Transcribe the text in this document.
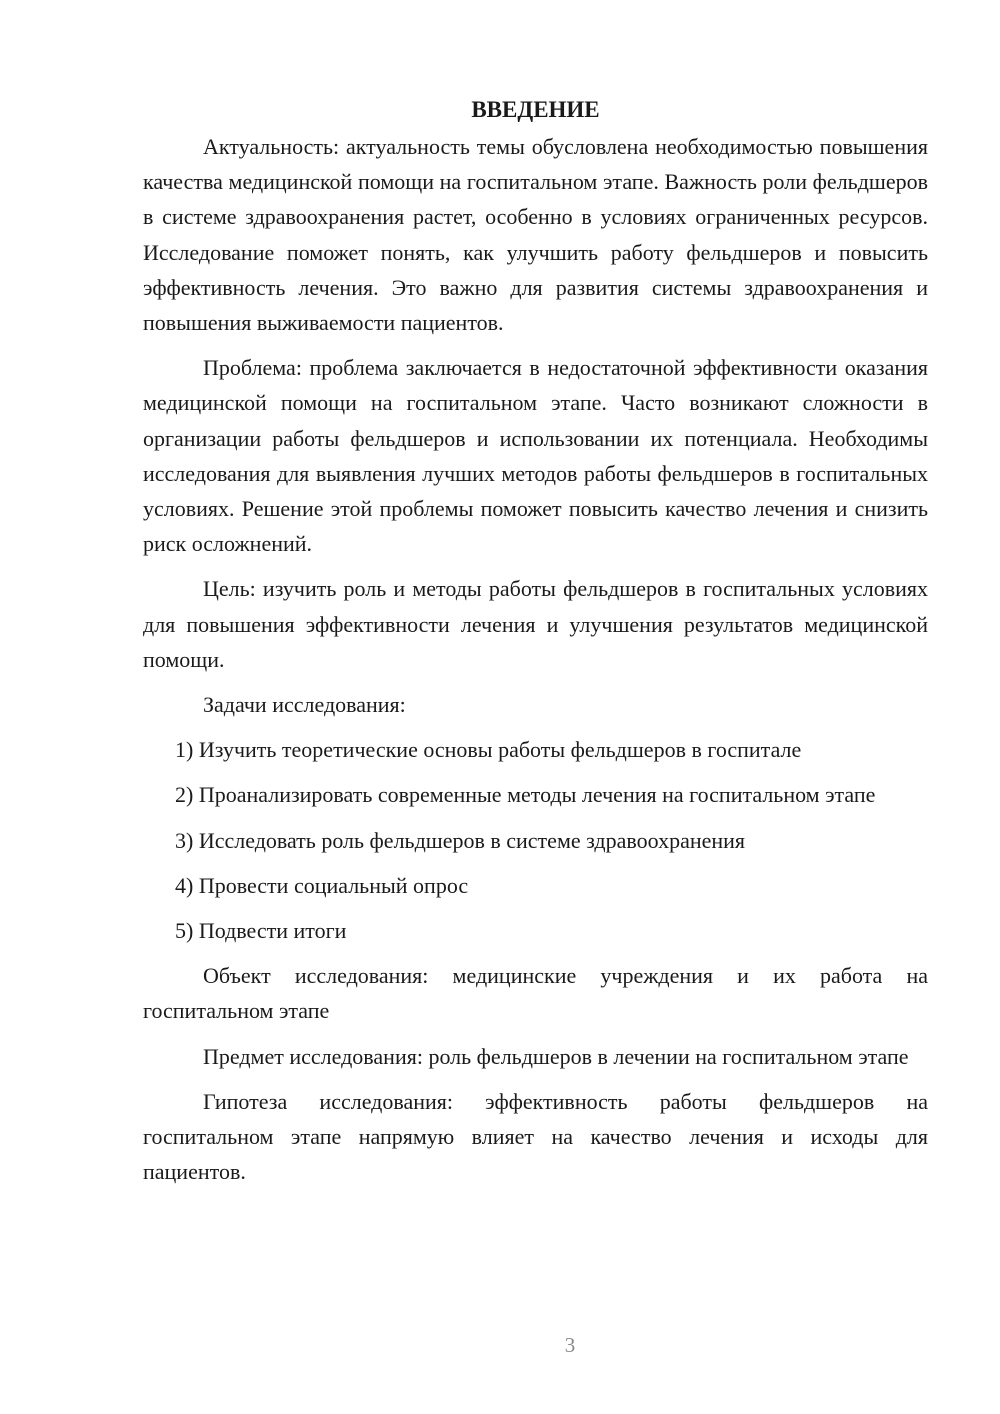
ВВЕДЕНИЕ

Актуальность: актуальность темы обусловлена необходимостью повышения качества медицинской помощи на госпитальном этапе. Важность роли фельдшеров в системе здравоохранения растет, особенно в условиях ограниченных ресурсов. Исследование поможет понять, как улучшить работу фельдшеров и повысить эффективность лечения. Это важно для развития системы здравоохранения и повышения выживаемости пациентов.

Проблема: проблема заключается в недостаточной эффективности оказания медицинской помощи на госпитальном этапе. Часто возникают сложности в организации работы фельдшеров и использовании их потенциала. Необходимы исследования для выявления лучших методов работы фельдшеров в госпитальных условиях. Решение этой проблемы поможет повысить качество лечения и снизить риск осложнений.

Цель: изучить роль и методы работы фельдшеров в госпитальных условиях для повышения эффективности лечения и улучшения результатов медицинской помощи.

Задачи исследования:

1) Изучить теоретические основы работы фельдшеров в госпитале

2) Проанализировать современные методы лечения на госпитальном этапе

3) Исследовать роль фельдшеров в системе здравоохранения

4) Провести социальный опрос

5) Подвести итоги

Объект исследования: медицинские учреждения и их работа на госпитальном этапе

Предмет исследования: роль фельдшеров в лечении на госпитальном этапе

Гипотеза исследования: эффективность работы фельдшеров на госпитальном этапе напрямую влияет на качество лечения и исходы для пациентов.

3
